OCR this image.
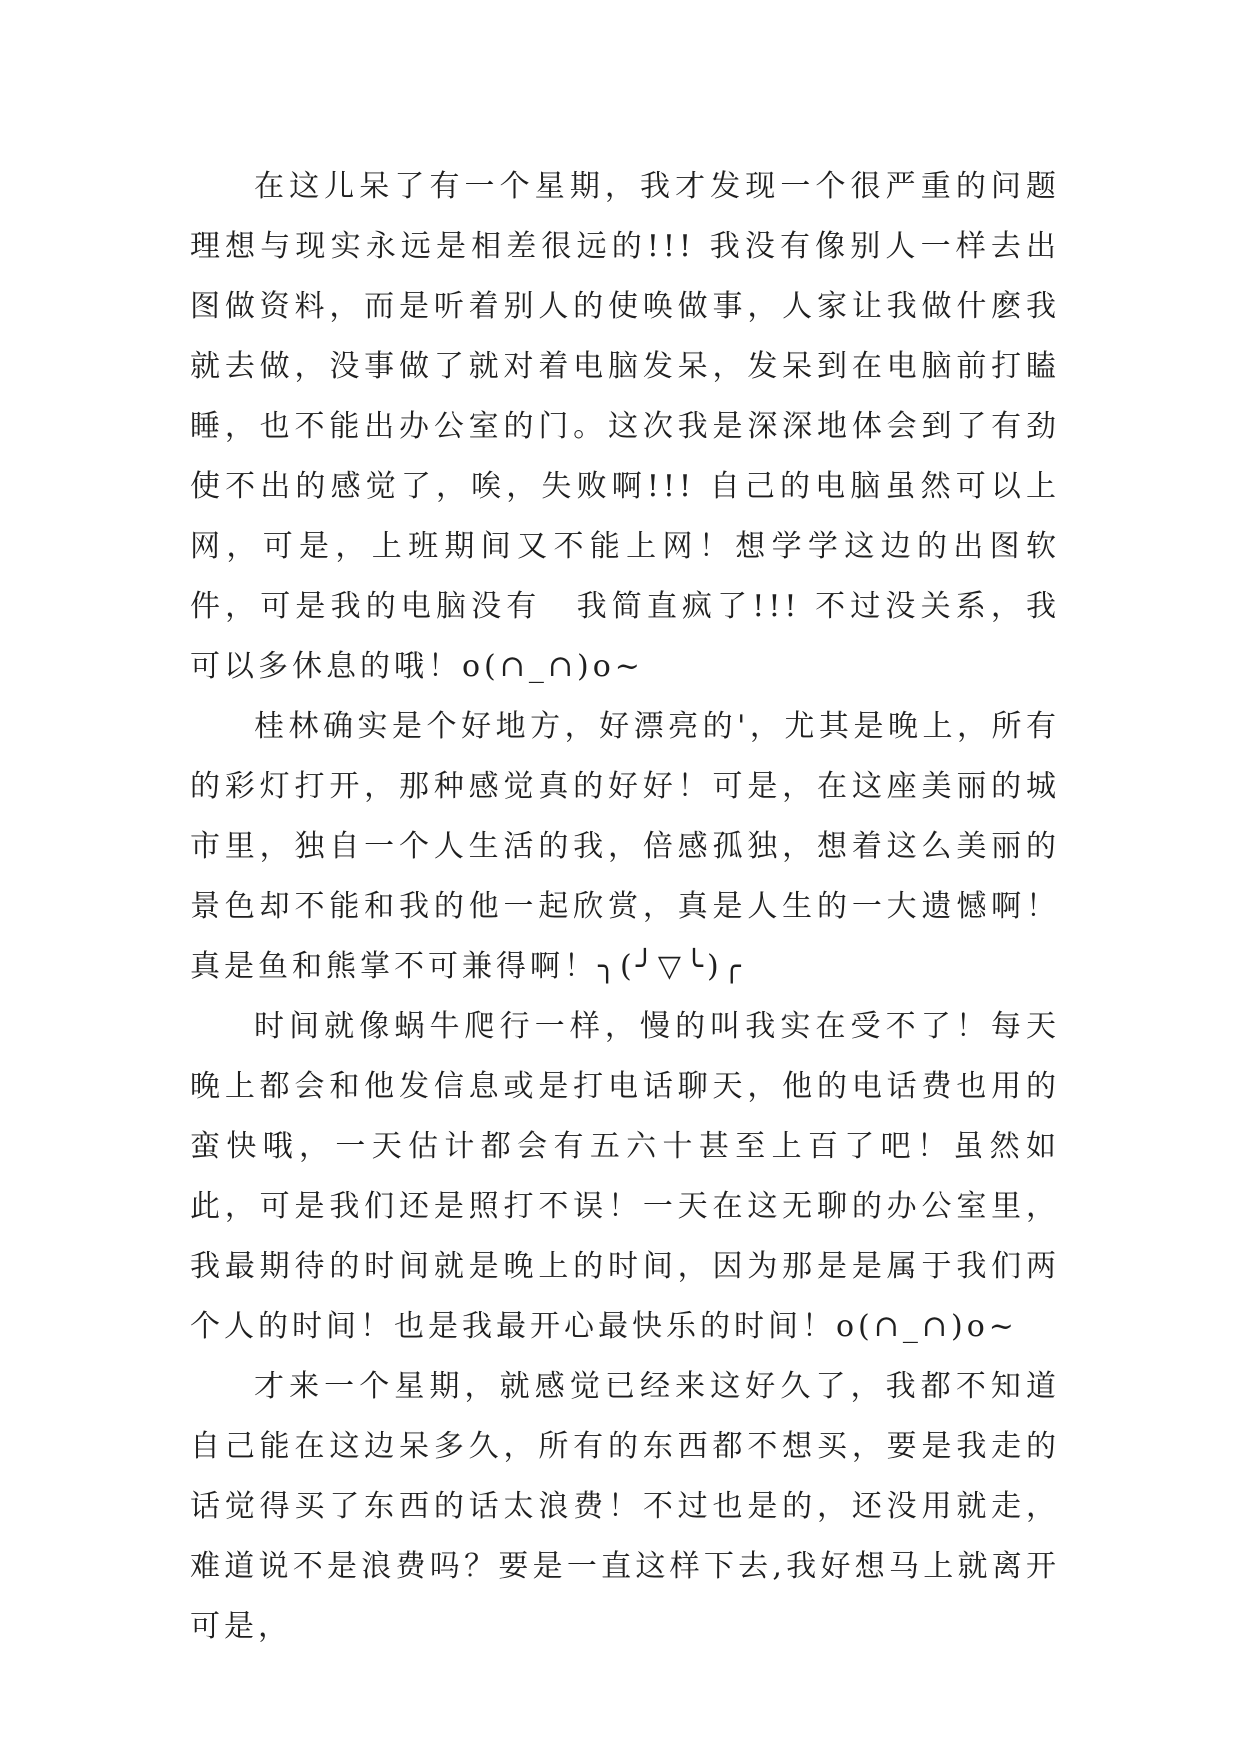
在这儿呆了有一个星期，我才发现一个很严重的问题理想与现实永远是相差很远的!!! 我没有像别人一样去出图做资料，而是听着别人的使唤做事，人家让我做什麽我就去做，没事做了就对着电脑发呆，发呆到在电脑前打瞌睡，也不能出办公室的门。这次我是深深地体会到了有劲使不出的感觉了，唉，失败啊!!! 自己的电脑虽然可以上网，可是，上班期间又不能上网！想学学这边的出图软件，可是我的电脑没有　我简直疯了!!! 不过没关系，我可以多休息的哦！o(∩_∩)o~

桂林确实是个好地方，好漂亮的'，尤其是晚上，所有的彩灯打开，那种感觉真的好好！可是，在这座美丽的城市里，独自一个人生活的我，倍感孤独，想着这么美丽的景色却不能和我的他一起欣赏，真是人生的一大遗憾啊！真是鱼和熊掌不可兼得啊！╮(╯▽╰)╭

时间就像蜗牛爬行一样，慢的叫我实在受不了！每天晚上都会和他发信息或是打电话聊天，他的电话费也用的蛮快哦，一天估计都会有五六十甚至上百了吧！虽然如此，可是我们还是照打不误！一天在这无聊的办公室里，我最期待的时间就是晚上的时间，因为那是是属于我们两个人的时间！也是我最开心最快乐的时间！o(∩_∩)o~

才来一个星期，就感觉已经来这好久了，我都不知道自己能在这边呆多久，所有的东西都不想买，要是我走的话觉得买了东西的话太浪费！不过也是的，还没用就走，难道说不是浪费吗？要是一直这样下去,我好想马上就离开　可是，
